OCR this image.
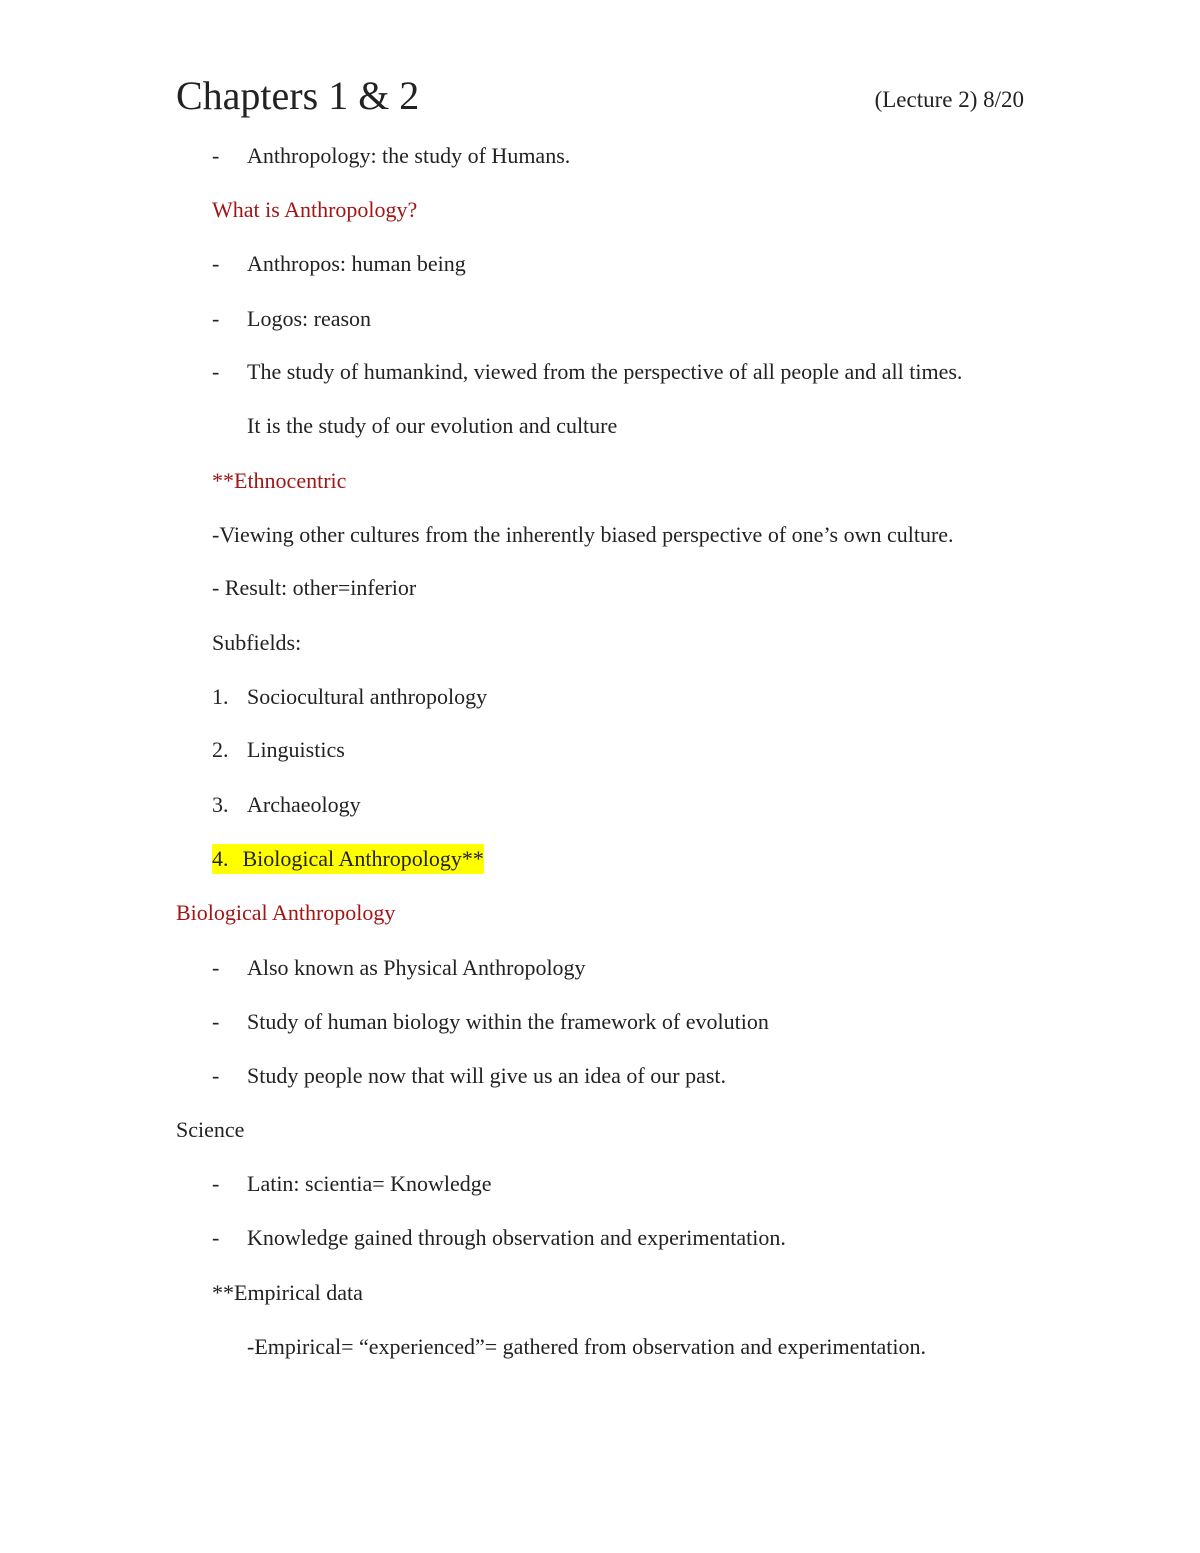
Chapters 1 & 2	(Lecture 2) 8/20
- Anthropology: the study of Humans.
What is Anthropology?
- Anthropos: human being
- Logos: reason
- The study of humankind, viewed from the perspective of all people and all times.
It is the study of our evolution and culture
**Ethnocentric
-Viewing other cultures from the inherently biased perspective of one’s own culture.
- Result: other=inferior
Subfields:
1. Sociocultural anthropology
2. Linguistics
3. Archaeology
4. Biological Anthropology**
Biological Anthropology
- Also known as Physical Anthropology
- Study of human biology within the framework of evolution
- Study people now that will give us an idea of our past.
Science
- Latin: scientia= Knowledge
- Knowledge gained through observation and experimentation.
**Empirical data
-Empirical= “experienced”= gathered from observation and experimentation.
